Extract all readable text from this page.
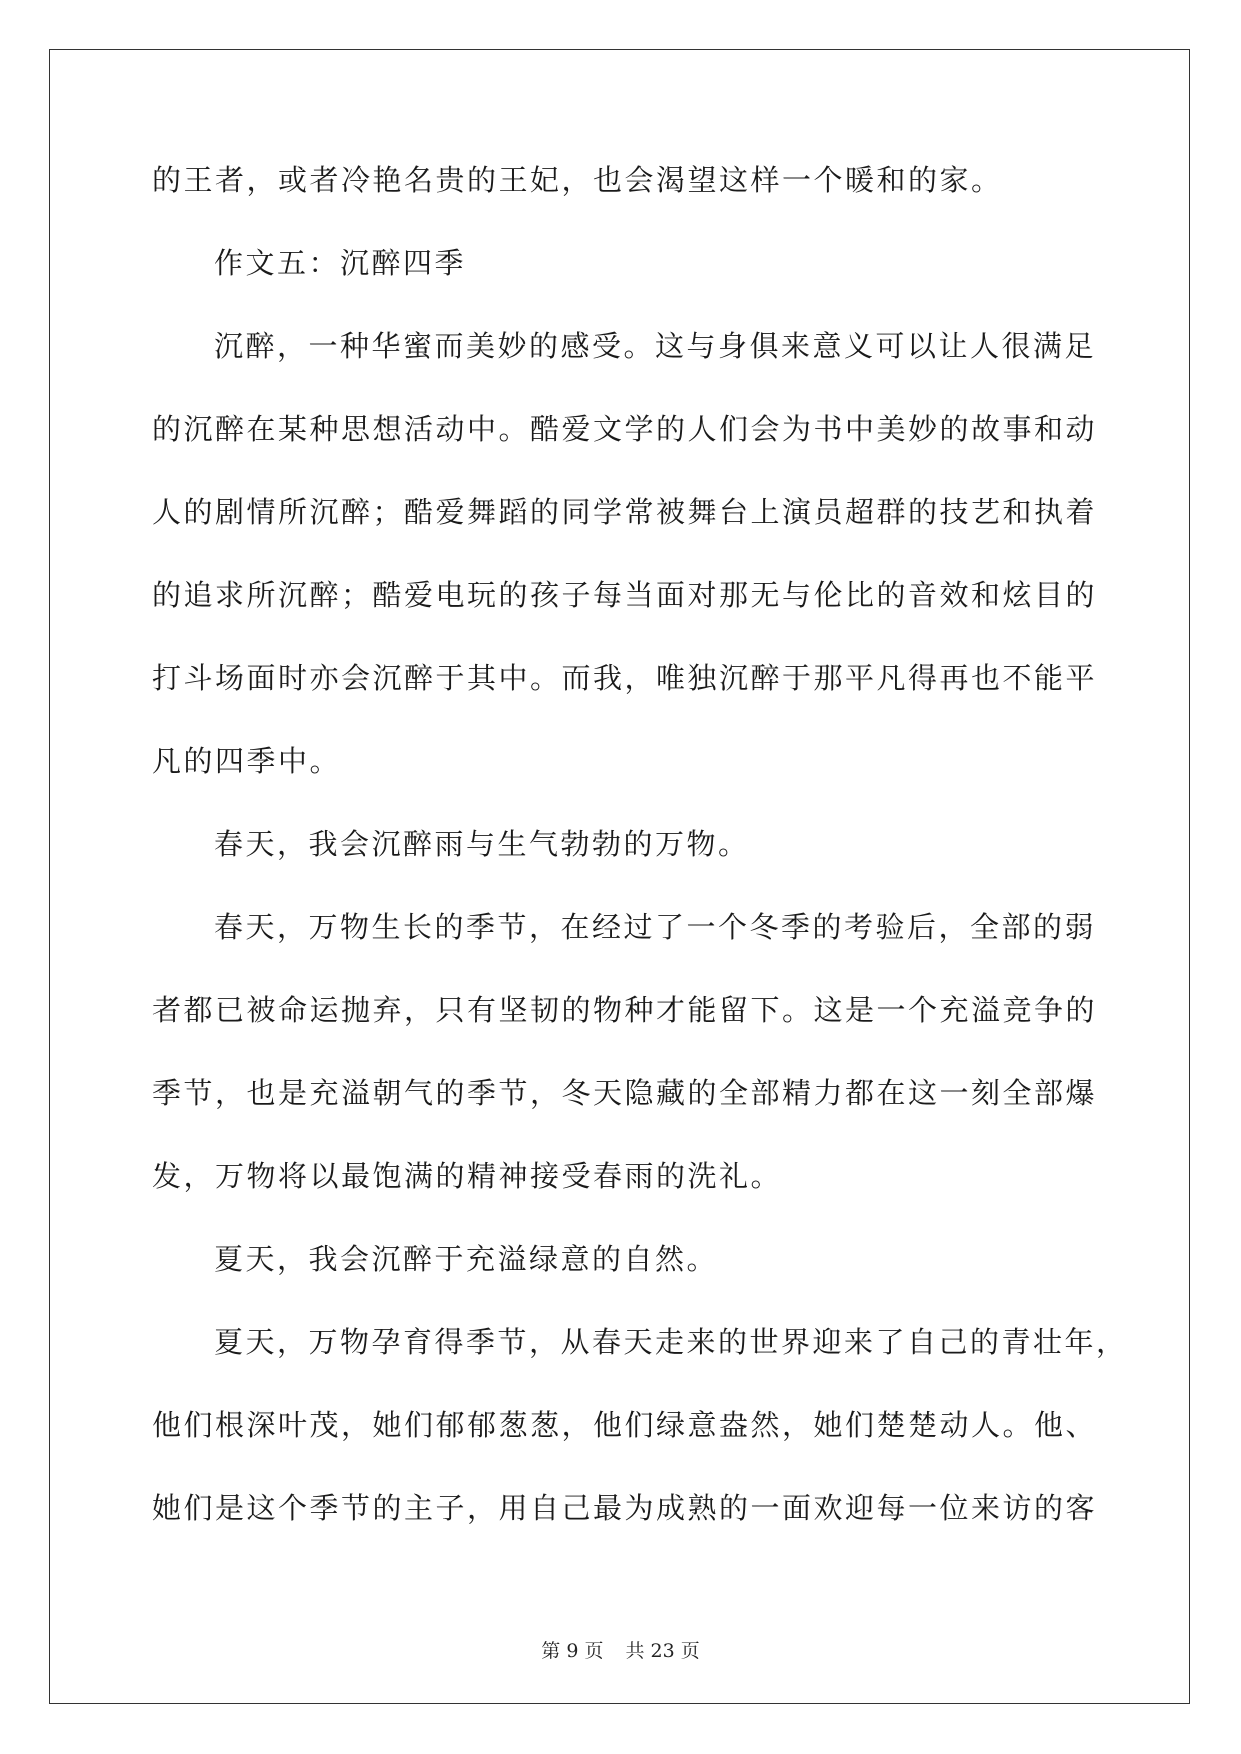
的王者，或者冷艳名贵的王妃，也会渴望这样一个暖和的家。
作文五：沉醉四季
沉醉，一种华蜜而美妙的感受。这与身俱来意义可以让人很满足
的沉醉在某种思想活动中。酷爱文学的人们会为书中美妙的故事和动
人的剧情所沉醉；酷爱舞蹈的同学常被舞台上演员超群的技艺和执着
的追求所沉醉；酷爱电玩的孩子每当面对那无与伦比的音效和炫目的
打斗场面时亦会沉醉于其中。而我，唯独沉醉于那平凡得再也不能平
凡的四季中。
春天，我会沉醉雨与生气勃勃的万物。
春天，万物生长的季节，在经过了一个冬季的考验后，全部的弱
者都已被命运抛弃，只有坚韧的物种才能留下。这是一个充溢竞争的
季节，也是充溢朝气的季节，冬天隐藏的全部精力都在这一刻全部爆
发，万物将以最饱满的精神接受春雨的洗礼。
夏天，我会沉醉于充溢绿意的自然。
夏天，万物孕育得季节，从春天走来的世界迎来了自己的青壮年，
他们根深叶茂，她们郁郁葱葱，他们绿意盎然，她们楚楚动人。他、
她们是这个季节的主子，用自己最为成熟的一面欢迎每一位来访的客
第 9 页 共 23 页
